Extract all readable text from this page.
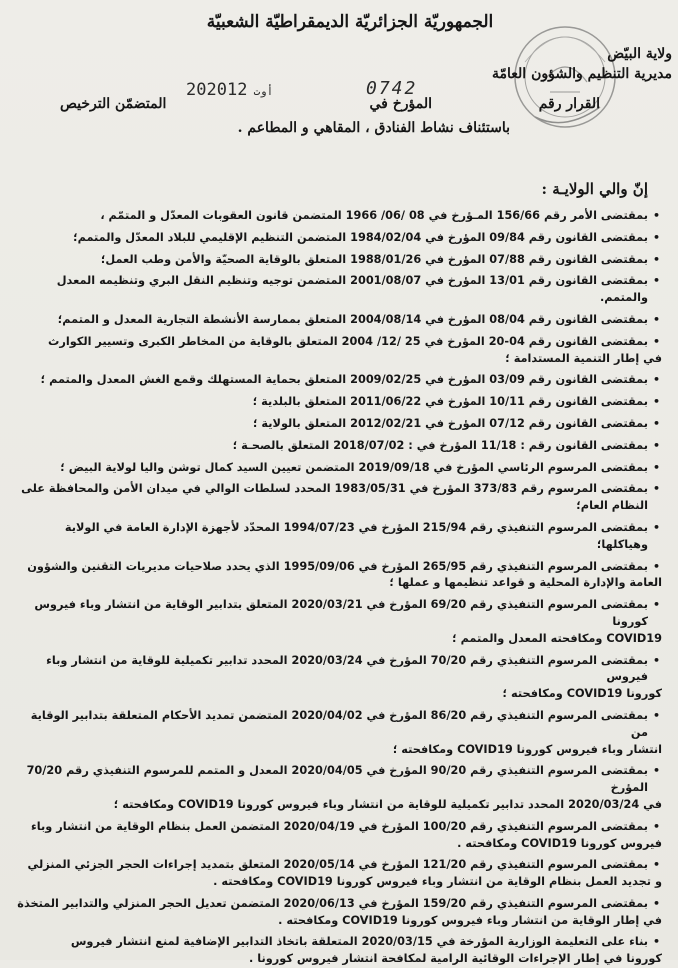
الجمهوريّة الجزائريّة الديمقراطيّة الشعبيّة
ولاية البيّض
مديرية التنظيم والشؤون العامّة
2020 أوت12	0742
القرار رقم
المؤرخ في
المتضمّن الترخيص
باستئناف نشاط الفنادق ، المقاهي و المطاعم .
إنّ والي الولايـة :
• بمقتضى الأمر رقم 156/66 المـؤرخ في 08 /06/ 1966 المتضمن قانون العقوبات المعدّل و المتمّم ،
• بمقتضى القانون رقم 09/84 المؤرخ في 1984/02/04 المتضمن التنظيم الإقليمي للبلاد المعدّل والمتمم؛
• بمقتضى القانون رقم 07/88 المؤرخ في 1988/01/26 المتعلق بالوقاية الصحيّة والأمن وطب العمل؛
• بمقتضى القانون رقم 13/01 المؤرخ في 2001/08/07 المتضمن توجيه وتنظيم النقل البري وتنظيمه المعدل والمتمم.
• بمقتضى القانون رقم 08/04 المؤرخ في 2004/08/14 المتعلق بممارسة الأنشطة التجارية المعدل و المتمم؛
• بمقتضى القانون رقم 04-20 المؤرخ في 25 /12/ 2004 المتعلق بالوقاية من المخاطر الكبرى وتسيير الكوارث
في إطار التنمية المستدامة ؛
• بمقتضى القانون رقم 03/09 المؤرخ في 2009/02/25 المتعلق بحماية المستهلك وقمع الغش المعدل والمتمم ؛
• بمقتضى القانون رقم 10/11 المؤرخ في 2011/06/22 المتعلق بالبلدية ؛
• بمقتضى القانون رقم 07/12 المؤرخ في 2012/02/21 المتعلق بالولاية ؛
• بمقتضى القانون رقم : 11/18 المؤرخ في : 2018/07/02 المتعلق بالصحـة ؛
• بمقتضى المرسوم الرئاسي المؤرخ في 2019/09/18 المتضمن تعيين السيد كمال توشن واليا لولاية البيض ؛
• بمقتضى المرسوم رقم 373/83 المؤرخ في 1983/05/31 المحدد لسلطات الوالي في ميدان الأمن والمحافظة على النظام العام؛
• بمقتضى المرسوم التنفيذي رقم 215/94 المؤرخ في 1994/07/23 المحدّد لأجهزة الإدارة العامة في الولاية وهياكلها؛
• بمقتضى المرسوم التنفيذي رقم 265/95 المؤرخ في 1995/09/06 الذي يحدد صلاحيات مديريات التقنين والشؤون
العامة والإدارة المحلية و قواعد تنظيمها و عملها ؛
• بمقتضى المرسوم التنفيذي رقم 69/20 المؤرخ في 2020/03/21 المتعلق بتدابير الوقاية من انتشار وباء فيروس كورونا
COVID19 ومكافحته المعدل والمتمم ؛
• بمقتضى المرسوم التنفيذي رقم 70/20 المؤرخ في 2020/03/24 المحدد تدابير تكميلية للوقاية من انتشار وباء فيروس
كورونا COVID19 ومكافحته ؛
• بمقتضى المرسوم التنفيذي رقم 86/20 المؤرخ في 2020/04/02 المتضمن تمديد الأحكام المتعلقة بتدابير الوقاية من
انتشار وباء فيروس كورونا COVID19 ومكافحته ؛
• بمقتضى المرسوم التنفيذي رقم 90/20 المؤرخ في 2020/04/05 المعدل و المتمم للمرسوم التنفيذي رقم 70/20 المؤرخ
في 2020/03/24 المحدد تدابير تكميلية للوقاية من انتشار وباء فيروس كورونا COVID19 ومكافحته ؛
• بمقتضى المرسوم التنفيذي رقم 100/20 المؤرخ في 2020/04/19 المتضمن العمل بنظام الوقاية من انتشار وباء
فيروس كورونا COVID19 ومكافحته .
• بمقتضى المرسوم التنفيذي رقم 121/20 المؤرخ في 2020/05/14 المتعلق بتمديد إجراءات الحجر الجزئي المنزلي
و تجديد العمل بنظام الوقاية من انتشار وباء فيروس كورونا COVID19 ومكافحته .
• بمقتضى المرسوم التنفيذي رقم 159/20 المؤرخ في 2020/06/13 المتضمن تعديل الحجر المنزلي والتدابير المتخذة
في إطار الوقاية من انتشار وباء فيروس كورونا COVID19 ومكافحته .
• بناء على التعليمة الوزارية المؤرخة في 2020/03/15 المتعلقة باتخاذ التدابير الإضافية لمنع انتشار فيروس
كورونا في إطار الإجراءات الوقائية الرامية لمكافحة انتشار فيروس كورونا .
